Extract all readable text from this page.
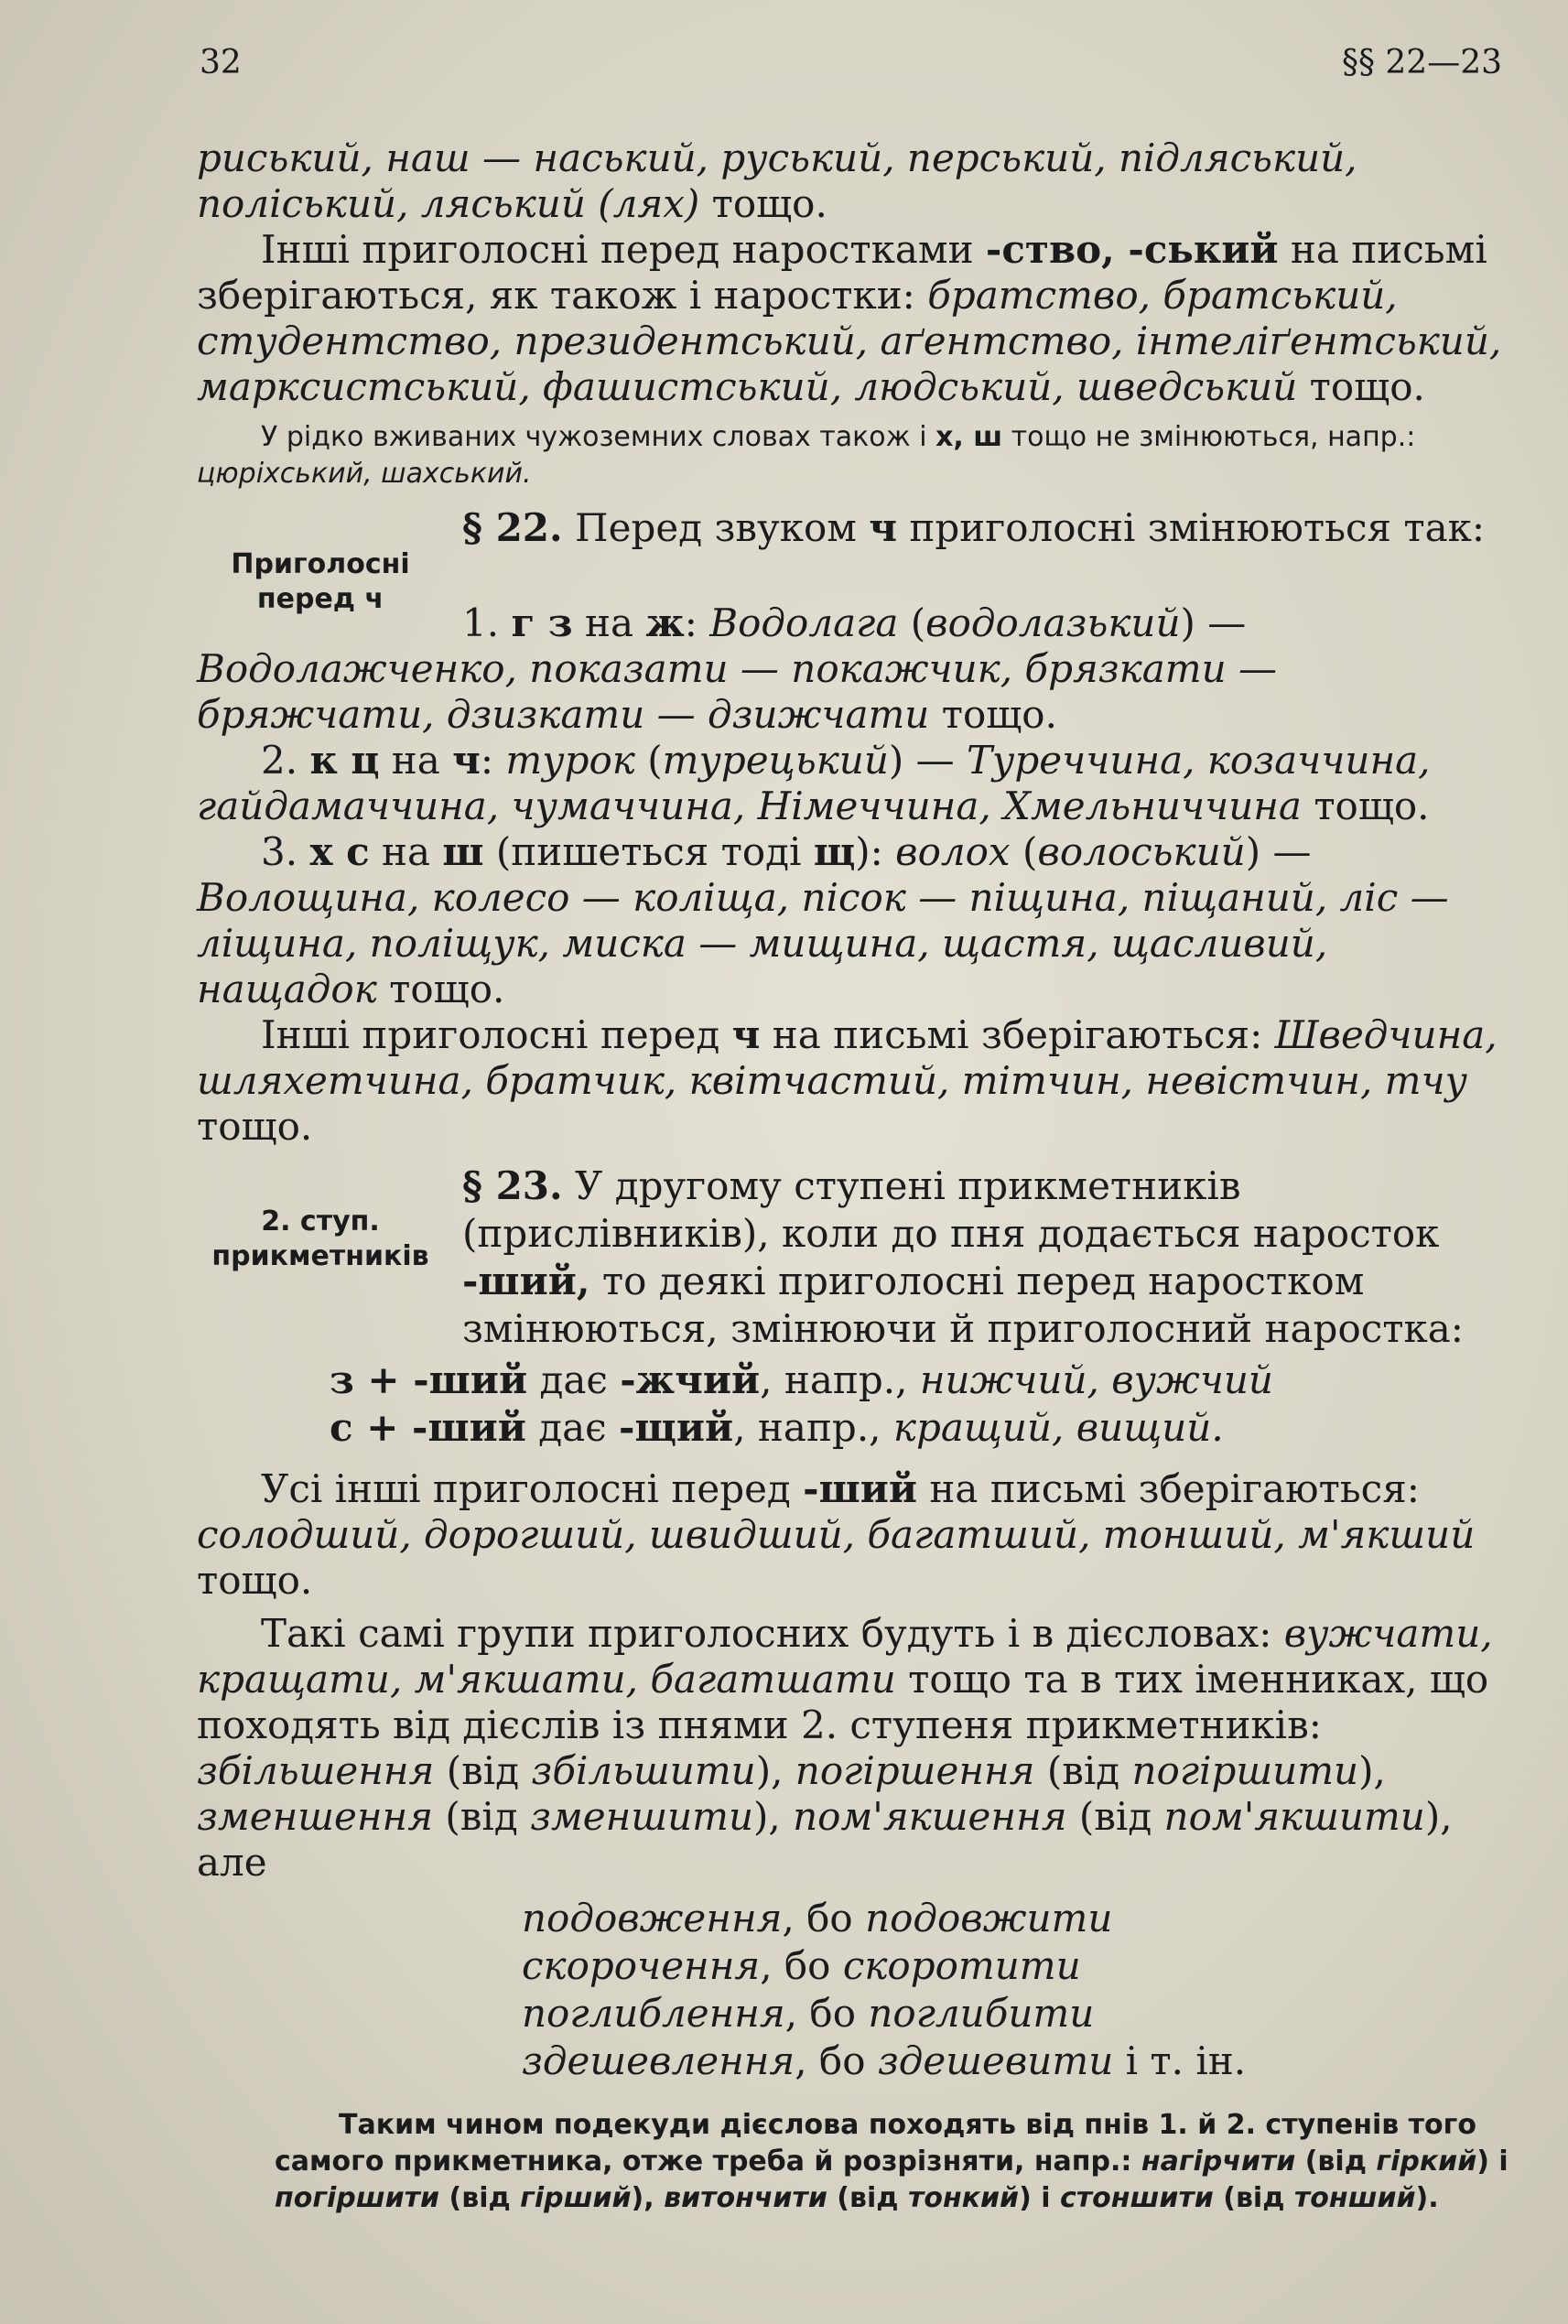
32	§§ 22—23
риський, наш — наський, руський, перський, підляський, поліський, ляський (лях) тощо.
Інші приголосні перед наростками -ство, -ський на письмі зберігаються, як також і наростки: братство, братський, студентство, президентський, аґентство, інтеліґентський, марксистський, фашистський, людський, шведський тощо.
У рідко вживаних чужоземних словах також і х, ш тощо не змінюються, напр.: цюріхський, шахський.
Приголосні перед ч
§ 22. Перед звуком ч приголосні змінюються так:
1. г з на ж: Водолага (водолазький) — Водолажченко, показати — покажчик, брязкати — бряжчати, дзизкати — дзижчати тощо.
2. к ц на ч: турок (турецький) — Туреччина, козаччина, гайдамаччина, чумаччина, Німеччина, Хмельниччина тощо.
3. х с на ш (пишеться тоді щ): волох (волоський) — Волощина, колесо — коліща, пісок — піщина, піщаний, ліс — ліщина, поліщук, миска — мищина, щастя, щасливий, нащадок тощо.
Інші приголосні перед ч на письмі зберігаються: Шведчина, шляхетчина, братчик, квітчастий, тітчин, невістчин, тчу тощо.
2. ступ. прикметників
§ 23. У другому ступені прикметників (прислівників), коли до пня додається наросток -ший, то деякі приголосні перед наростком змінюються, змінюючи й приголосний наростка:
з + -ший дає -жчий, напр., нижчий, вужчий
с + -ший дає -щий, напр., кращий, вищий.
Усі інші приголосні перед -ший на письмі зберігаються: солодший, дорогший, швидший, багатший, тонший, м'якший тощо.
Такі самі групи приголосних будуть і в дієсловах: вужчати, кращати, м'якшати, багатшати тощо та в тих іменниках, що походять від дієслів із пнями 2. ступеня прикметників: збільшення (від збільшити), погіршення (від погіршити), зменшення (від зменшити), пом'якшення (від пом'якшити), але
подовження, бо подовжити
скорочення, бо скоротити
поглиблення, бо поглибити
здешевлення, бо здешевити і т. ін.
Таким чином подекуди дієслова походять від пнів 1. й 2. ступенів того самого прикметника, отже треба й розрізняти, напр.: нагірчити (від гіркий) і погіршити (від гірший), витончити (від тонкий) і стоншити (від тонший).
